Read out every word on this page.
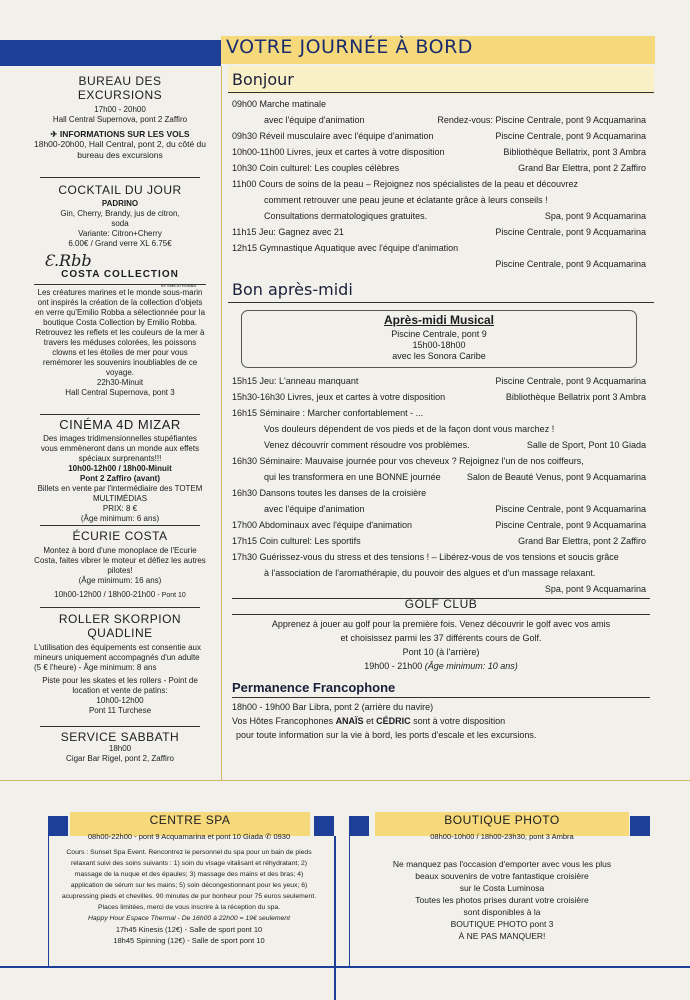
VOTRE JOURNÉE À BORD
BUREAU DES EXCURSIONS
17h00 - 20h00
Hall Central Supernova, pont 2 Zaffiro
✈ INFORMATIONS SUR LES VOLS
18h00-20h00, Hall Central, pont 2, du côté du bureau des excursions
COCKTAIL DU JOUR
PADRINO
Gin, Cherry, Brandy, jus de citron, soda
Variante: Citron+Cherry
6.00€ / Grand verre XL 6.75€
Ɛ.Rbb
COSTA COLLECTION
BY EMILIO ROBBA
Les créatures marines et le monde sous-marin ont inspirés la création de la collection d'objets en verre qu'Emilio Robba a sélectionnée pour la boutique Costa Collection by Emilio Robba. Retrouvez les reflets et les couleurs de la mer à travers les méduses colorées, les poissons clowns et les étoiles de mer pour vous remémorer les souvenirs inoubliables de ce voyage.
22h30-Minuit
Hall Central Supernova, pont 3
CINÉMA 4D MIZAR
Des images tridimensionnelles stupéfiantes vous emmèneront dans un monde aux effets spéciaux surprenants!!!
10h00-12h00 / 18h00-Minuit
Pont 2 Zaffiro (avant)
Billets en vente par l'intermédiaire des TOTEM MULTIMÉDIAS
PRIX: 8 €
(Âge minimum: 6 ans)
ÉCURIE COSTA
Montez à bord d'une monoplace de l'Ecurie Costa, faites vibrer le moteur et défiez les autres pilotes!
(Âge minimum: 16 ans)
10h00-12h00 / 18h00-21h00 - Pont 10
ROLLER SKORPION QUADLINE
L'utilisation des équipements est consentie aux mineurs uniquement accompagnés d'un adulte (5 € l'heure) - Âge minimum: 8 ans
Piste pour les skates et les rollers - Point de location et vente de patins:
10h00-12h00
Pont 11 Turchese
SERVICE SABBATH
18h00
Cigar Bar Rigel, pont 2, Zaffiro
Bonjour
09h00 Marche matinale
avec l'équipe d'animation	Rendez-vous: Piscine Centrale, pont 9 Acquamarina
09h30 Réveil musculaire avec l'équipe d'animation	Piscine Centrale, pont 9 Acquamarina
10h00-11h00 Livres, jeux et cartes à votre disposition	Bibliothèque Bellatrix, pont 3 Ambra
10h30 Coin culturel: Les couples célèbres	Grand Bar Elettra, pont 2 Zaffiro
11h00 Cours de soins de la peau – Rejoignez nos spécialistes de la peau et découvrez
comment retrouver une peau jeune et éclatante grâce à leurs conseils !
Consultations dermatologiques gratuites.	Spa, pont 9 Acquamarina
11h15 Jeu: Gagnez avec 21	Piscine Centrale, pont 9 Acquamarina
12h15 Gymnastique Aquatique avec l'équipe d'animation
Piscine Centrale, pont 9 Acquamarina
Bon après-midi
Après-midi Musical
Piscine Centrale, pont 9
15h00-18h00
avec les Sonora Caribe
15h15 Jeu: L'anneau manquant	Piscine Centrale, pont 9 Acquamarina
15h30-16h30 Livres, jeux et cartes à votre disposition	Bibliothèque Bellatrix pont 3 Ambra
16h15 Séminaire : Marcher confortablement - ...
Vos douleurs dépendent de vos pieds et de la façon dont vous marchez !
Venez découvrir comment résoudre vos problèmes.	Salle de Sport, Pont 10 Giada
16h30 Séminaire: Mauvaise journée pour vos cheveux ? Rejoignez l'un de nos coiffeurs,
qui les transformera en une BONNE journée	Salon de Beauté Venus, pont 9 Acquamarina
16h30 Dansons toutes les danses de la croisière
avec l'équipe d'animation	Piscine Centrale, pont 9 Acquamarina
17h00 Abdominaux avec l'équipe d'animation	Piscine Centrale, pont 9 Acquamarina
17h15 Coin culturel: Les sportifs	Grand Bar Elettra, pont 2 Zaffiro
17h30 Guérissez-vous du stress et des tensions ! – Libérez-vous de vos tensions et soucis grâce
à l'association de l'aromathérapie, du pouvoir des algues et d'un massage relaxant.
Spa, pont 9 Acquamarina
GOLF CLUB
Apprenez à jouer au golf pour la première fois. Venez découvrir le golf avec vos amis
et choisissez parmi les 37 différents cours de Golf.
Pont 10 (à l'arrière)
19h00 - 21h00 (Âge minimum: 10 ans)
Permanence Francophone
18h00 - 19h00 Bar Libra, pont 2 (arrière du navire)
Vos Hôtes Francophones ANAÏS et CÉDRIC sont à votre disposition
pour toute information sur la vie à bord, les ports d'escale et les excursions.
CENTRE SPA
08h00-22h00 - pont 9 Acquamarina et pont 10 Giada ✆ 0930
Cours : Sunset Spa Event. Rencontrez le personnel du spa pour un bain de pieds relaxant suivi des soins suivants : 1) soin du visage vitalisant et réhydratant; 2) massage de la nuque et des épaules; 3) massage des mains et des bras; 4) application de sérum sur les mains; 5) soin décongestionnant pour les yeux; 6) acupressing pieds et chevilles. 90 minutes de pur bonheur pour 75 euros seulement. Places limitées, merci de vous inscrire à la réception du spa.
Happy Hour Espace Thermal - De 16h00 à 22h00 = 19€ seulement
17h45 Kinesis (12€) - Salle de sport pont 10
18h45 Spinning (12€) - Salle de sport pont 10
BOUTIQUE PHOTO
08h00-10h00 / 18h00-23h30, pont 3 Ambra
Ne manquez pas l'occasion d'emporter avec vous les plus
beaux souvenirs de votre fantastique croisière
sur le Costa Luminosa
Toutes les photos prises durant votre croisière
sont disponibles à la
BOUTIQUE PHOTO pont 3
À NE PAS MANQUER!
